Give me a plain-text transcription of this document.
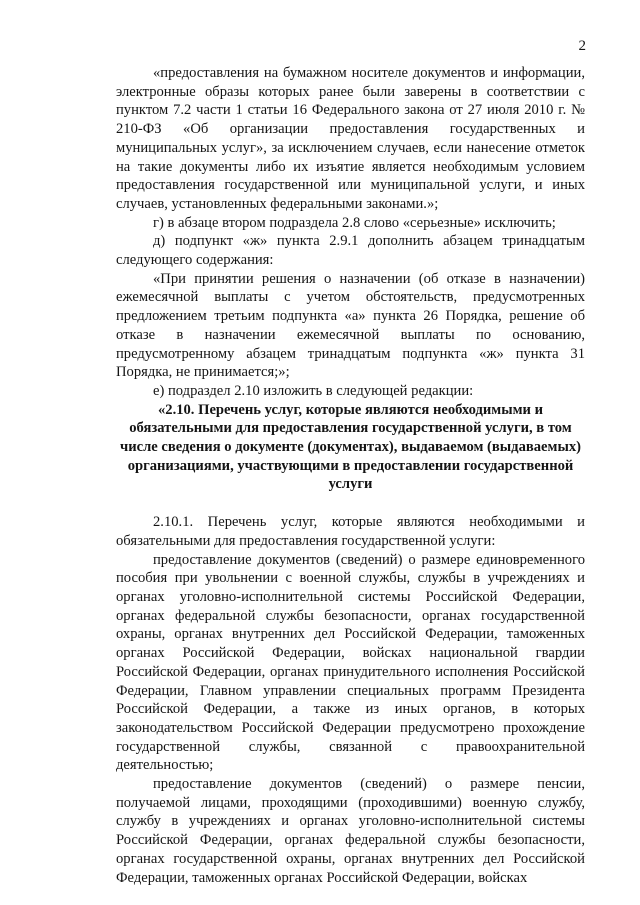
2

«предоставления на бумажном носителе документов и информации, электронные образы которых ранее были заверены в соответствии с пунктом 7.2 части 1 статьи 16 Федерального закона от 27 июля 2010 г. № 210-ФЗ «Об организации предоставления государственных и муниципальных услуг», за исключением случаев, если нанесение отметок на такие документы либо их изъятие является необходимым условием предоставления государственной или муниципальной услуги, и иных случаев, установленных федеральными законами.»;

г) в абзаце втором подраздела 2.8 слово «серьезные» исключить;

д) подпункт «ж» пункта 2.9.1 дополнить абзацем тринадцатым следующего содержания:

«При принятии решения о назначении (об отказе в назначении) ежемесячной выплаты с учетом обстоятельств, предусмотренных предложением третьим подпункта «а» пункта 26 Порядка, решение об отказе в назначении ежемесячной выплаты по основанию, предусмотренному абзацем тринадцатым подпункта «ж» пункта 31 Порядка, не принимается;»;

е) подраздел 2.10 изложить в следующей редакции:

«2.10. Перечень услуг, которые являются необходимыми и обязательными для предоставления государственной услуги, в том числе сведения о документе (документах), выдаваемом (выдаваемых) организациями, участвующими в предоставлении государственной услуги

2.10.1. Перечень услуг, которые являются необходимыми и обязательными для предоставления государственной услуги:

предоставление документов (сведений) о размере единовременного пособия при увольнении с военной службы, службы в учреждениях и органах уголовно-исполнительной системы Российской Федерации, органах федеральной службы безопасности, органах государственной охраны, органах внутренних дел Российской Федерации, таможенных органах Российской Федерации, войсках национальной гвардии Российской Федерации, органах принудительного исполнения Российской Федерации, Главном управлении специальных программ Президента Российской Федерации, а также из иных органов, в которых законодательством Российской Федерации предусмотрено прохождение государственной службы, связанной с правоохранительной деятельностью;

предоставление документов (сведений) о размере пенсии, получаемой лицами, проходящими (проходившими) военную службу, службу в учреждениях и органах уголовно-исполнительной системы Российской Федерации, органах федеральной службы безопасности, органах государственной охраны, органах внутренних дел Российской Федерации, таможенных органах Российской Федерации, войсках
